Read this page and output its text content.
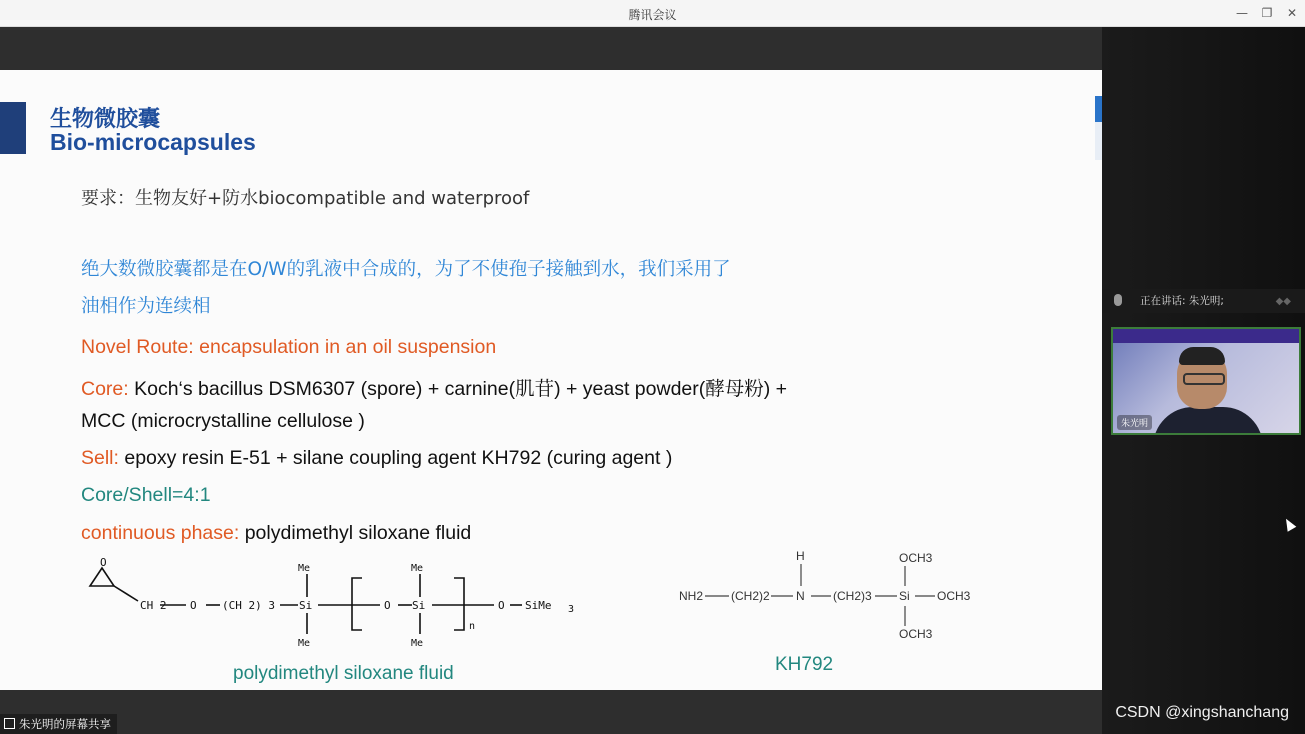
腾讯会议	—	❐	✕
生物微胶囊
Bio-microcapsules
要求：生物友好+防水biocompatible and waterproof
绝大数微胶囊都是在O/W的乳液中合成的，为了不使孢子接触到水，我们采用了
油相作为连续相
Novel Route: encapsulation in an oil suspension
Core: Koch‘s bacillus DSM6307 (spore) + carnine(肌苷) + yeast powder(酵母粉) +
MCC (microcrystalline cellulose )
Sell: epoxy resin E-51 + silane coupling agent KH792 (curing agent )
Core/Shell=4:1
continuous phase: polydimethyl siloxane fluid
O
CH 2 O (CH 2) 3 Si
Me
Me
O Si
Me
Me
n
O SiMe 3
polydimethyl siloxane fluid
NH2 (CH2)2
H
N (CH2)3 Si
OCH3
OCH3
OCH3
KH792
正在讲话: 朱光明;	◆◆
朱光明
朱光明的屏幕共享
CSDN @xingshanchang
